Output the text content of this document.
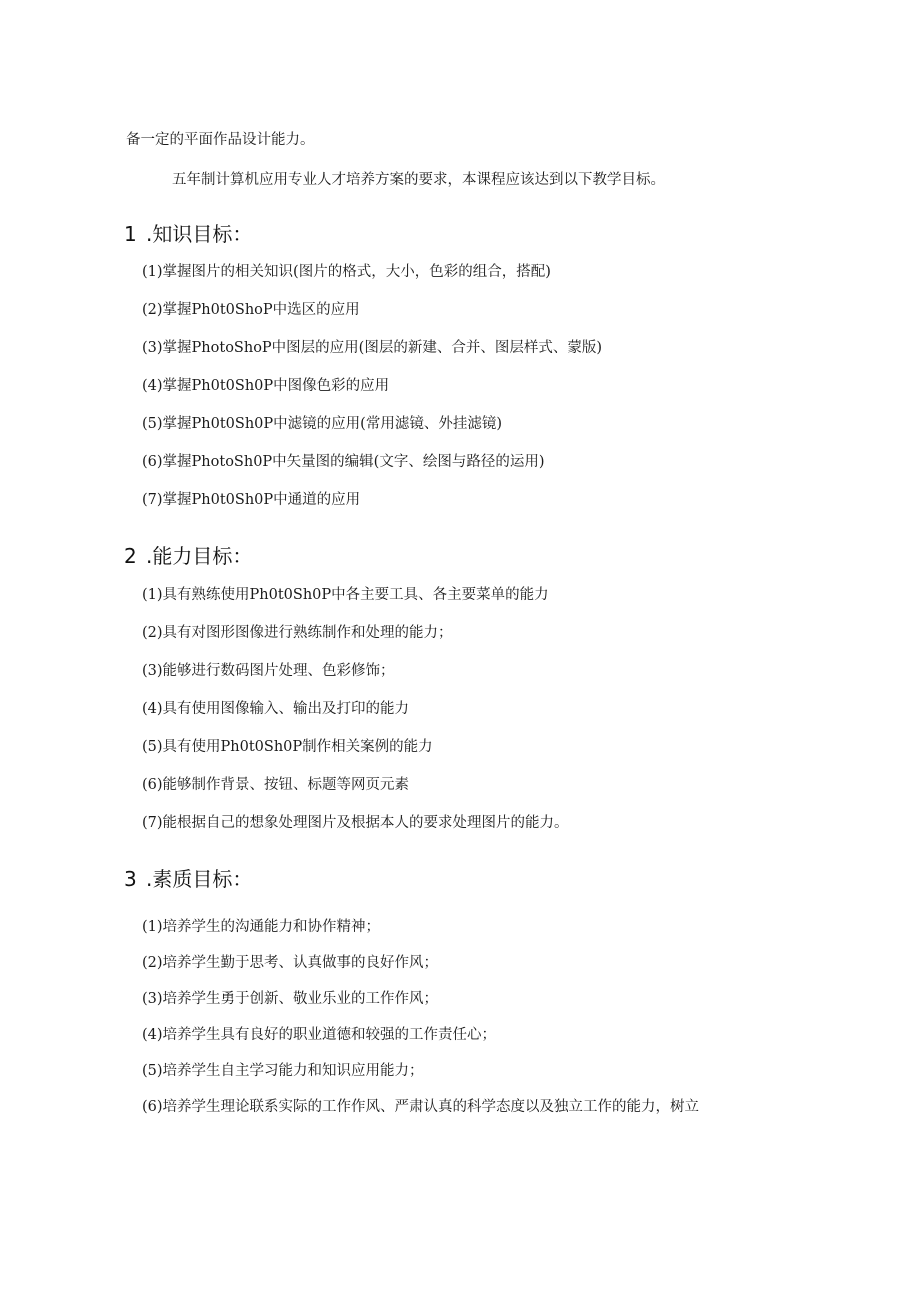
备一定的平面作品设计能力。
五年制计算机应用专业人才培养方案的要求，本课程应该达到以下教学目标。
1 .知识目标：
(1)掌握图片的相关知识(图片的格式，大小，色彩的组合，搭配)
(2)掌握Ph0t0ShoP中选区的应用
(3)掌握PhotoShoP中图层的应用(图层的新建、合并、图层样式、蒙版)
(4)掌握Ph0t0Sh0P中图像色彩的应用
(5)掌握Ph0t0Sh0P中滤镜的应用(常用滤镜、外挂滤镜)
(6)掌握PhotoSh0P中矢量图的编辑(文字、绘图与路径的运用)
(7)掌握Ph0t0Sh0P中通道的应用
2 .能力目标：
(1)具有熟练使用Ph0t0Sh0P中各主要工具、各主要菜单的能力
(2)具有对图形图像进行熟练制作和处理的能力；
(3)能够进行数码图片处理、色彩修饰；
(4)具有使用图像输入、输出及打印的能力
(5)具有使用Ph0t0Sh0P制作相关案例的能力
(6)能够制作背景、按钮、标题等网页元素
(7)能根据自己的想象处理图片及根据本人的要求处理图片的能力。
3 .素质目标：
(1)培养学生的沟通能力和协作精神；
(2)培养学生勤于思考、认真做事的良好作风；
(3)培养学生勇于创新、敬业乐业的工作作风；
(4)培养学生具有良好的职业道德和较强的工作责任心；
(5)培养学生自主学习能力和知识应用能力；
(6)培养学生理论联系实际的工作作风、严肃认真的科学态度以及独立工作的能力，树立
